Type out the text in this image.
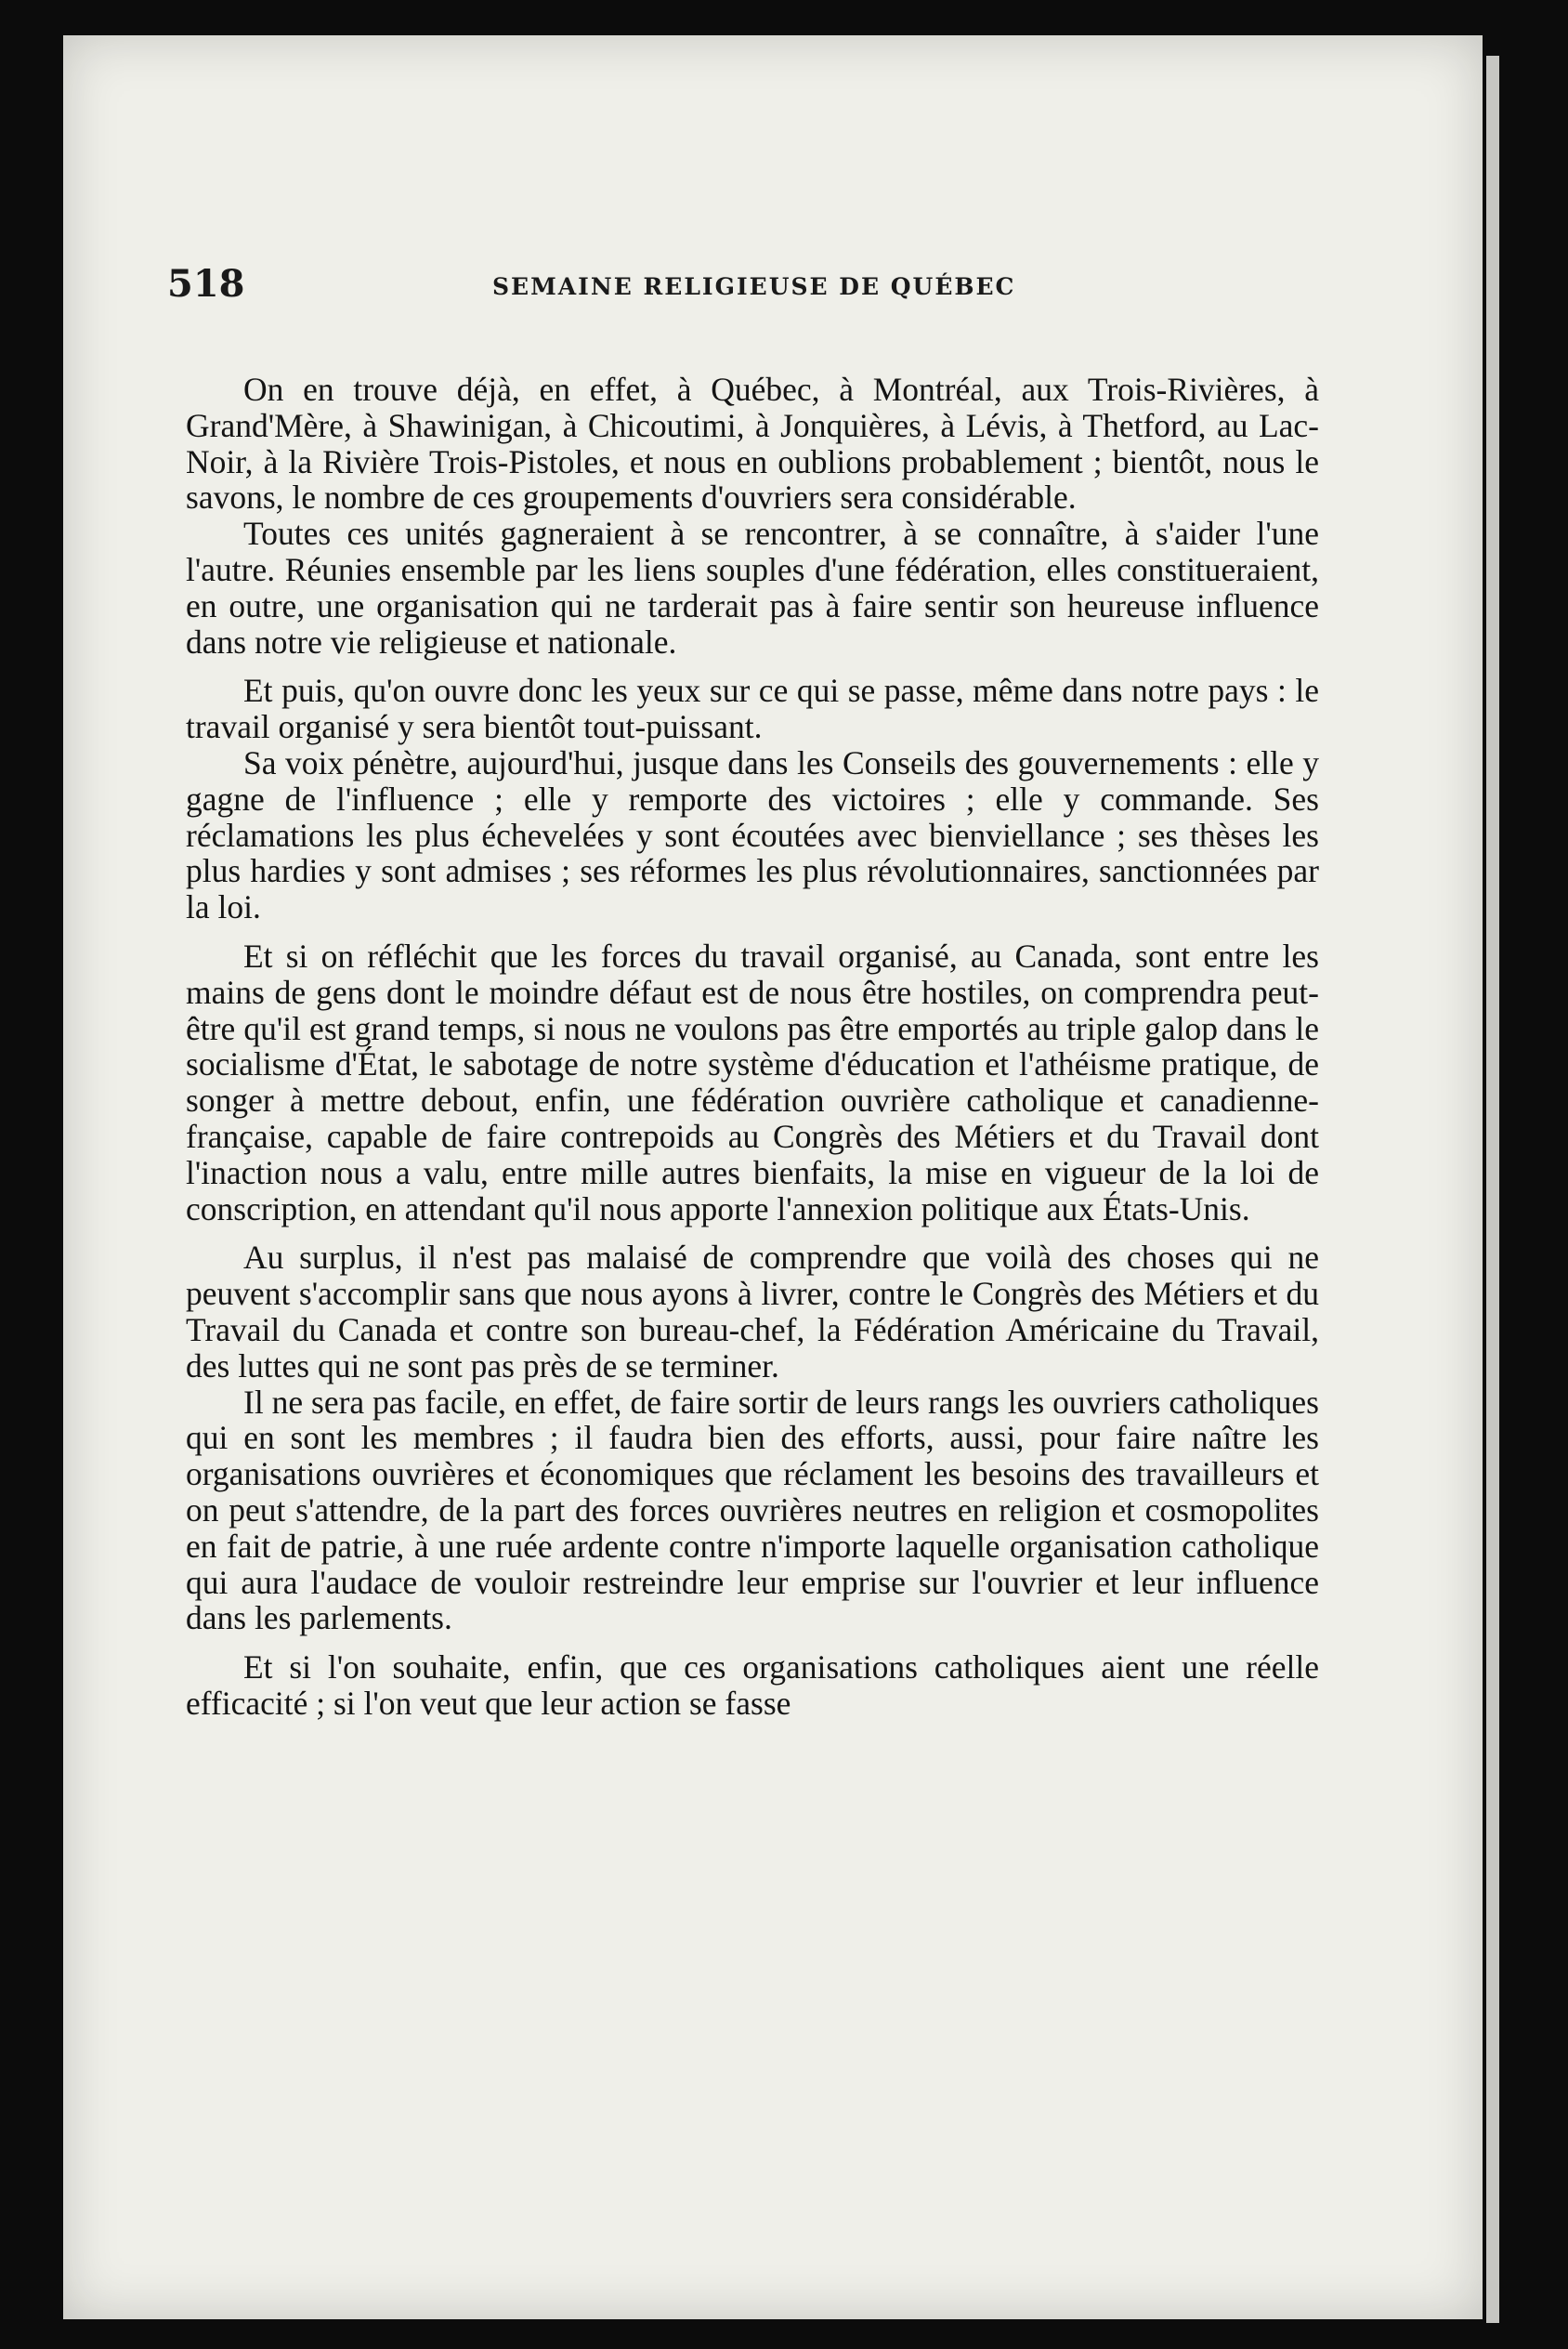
518	SEMAINE RELIGIEUSE DE QUÉBEC

On en trouve déjà, en effet, à Québec, à Montréal, aux Trois-Rivières, à Grand'Mère, à Shawinigan, à Chicoutimi, à Jonquières, à Lévis, à Thetford, au Lac-Noir, à la Rivière Trois-Pistoles, et nous en oublions probablement ; bientôt, nous le savons, le nombre de ces groupements d'ouvriers sera considérable.

Toutes ces unités gagneraient à se rencontrer, à se connaître, à s'aider l'une l'autre. Réunies ensemble par les liens souples d'une fédération, elles constitueraient, en outre, une organisation qui ne tarderait pas à faire sentir son heureuse influence dans notre vie religieuse et nationale.

Et puis, qu'on ouvre donc les yeux sur ce qui se passe, même dans notre pays : le travail organisé y sera bientôt tout-puissant.

Sa voix pénètre, aujourd'hui, jusque dans les Conseils des gouvernements : elle y gagne de l'influence ; elle y remporte des victoires ; elle y commande. Ses réclamations les plus échevelées y sont écoutées avec bienviellance ; ses thèses les plus hardies y sont admises ; ses réformes les plus révolutionnaires, sanctionnées par la loi.

Et si on réfléchit que les forces du travail organisé, au Canada, sont entre les mains de gens dont le moindre défaut est de nous être hostiles, on comprendra peut-être qu'il est grand temps, si nous ne voulons pas être emportés au triple galop dans le socialisme d'État, le sabotage de notre système d'éducation et l'athéisme pratique, de songer à mettre debout, enfin, une fédération ouvrière catholique et canadienne-française, capable de faire contrepoids au Congrès des Métiers et du Travail dont l'inaction nous a valu, entre mille autres bienfaits, la mise en vigueur de la loi de conscription, en attendant qu'il nous apporte l'annexion politique aux États-Unis.

Au surplus, il n'est pas malaisé de comprendre que voilà des choses qui ne peuvent s'accomplir sans que nous ayons à livrer, contre le Congrès des Métiers et du Travail du Canada et contre son bureau-chef, la Fédération Américaine du Travail, des luttes qui ne sont pas près de se terminer.

Il ne sera pas facile, en effet, de faire sortir de leurs rangs les ouvriers catholiques qui en sont les membres ; il faudra bien des efforts, aussi, pour faire naître les organisations ouvrières et économiques que réclament les besoins des travailleurs et on peut s'attendre, de la part des forces ouvrières neutres en religion et cosmopolites en fait de patrie, à une ruée ardente contre n'importe laquelle organisation catholique qui aura l'audace de vouloir restreindre leur emprise sur l'ouvrier et leur influence dans les parlements.

Et si l'on souhaite, enfin, que ces organisations catholiques aient une réelle efficacité ; si l'on veut que leur action se fasse
